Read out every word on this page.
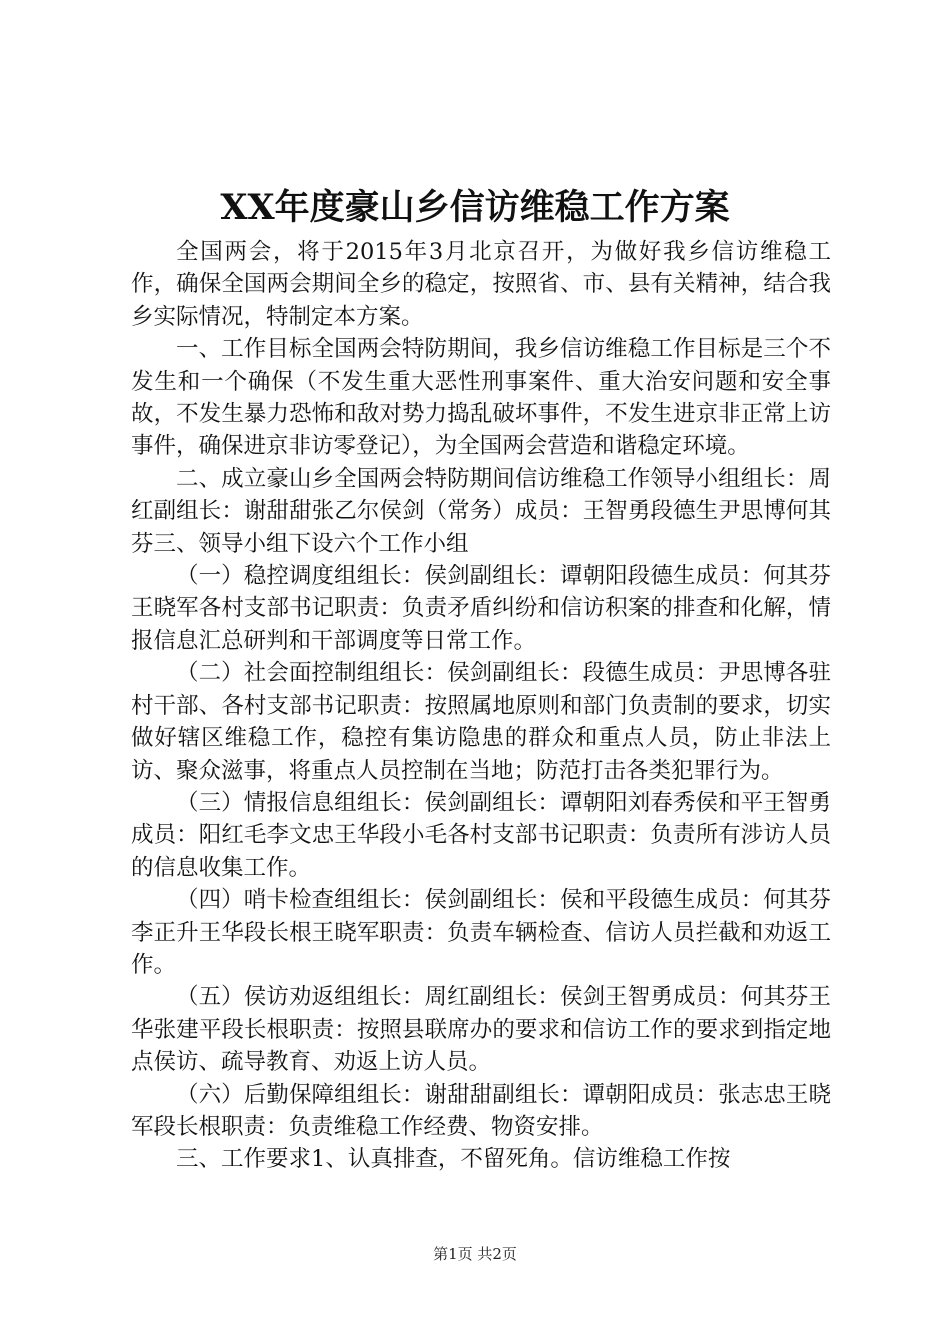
XX年度豪山乡信访维稳工作方案

全国两会，将于2015年3月北京召开，为做好我乡信访维稳工作，确保全国两会期间全乡的稳定，按照省、市、县有关精神，结合我乡实际情况，特制定本方案。

一、工作目标全国两会特防期间，我乡信访维稳工作目标是三个不发生和一个确保（不发生重大恶性刑事案件、重大治安问题和安全事故，不发生暴力恐怖和敌对势力捣乱破坏事件，不发生进京非正常上访事件，确保进京非访零登记），为全国两会营造和谐稳定环境。

二、成立豪山乡全国两会特防期间信访维稳工作领导小组组长：周红副组长：谢甜甜张乙尔侯剑（常务）成员：王智勇段德生尹思博何其芬三、领导小组下设六个工作小组

（一）稳控调度组组长：侯剑副组长：谭朝阳段德生成员：何其芬王晓军各村支部书记职责：负责矛盾纠纷和信访积案的排查和化解，情报信息汇总研判和干部调度等日常工作。

（二）社会面控制组组长：侯剑副组长：段德生成员：尹思博各驻村干部、各村支部书记职责：按照属地原则和部门负责制的要求，切实做好辖区维稳工作，稳控有集访隐患的群众和重点人员，防止非法上访、聚众滋事，将重点人员控制在当地；防范打击各类犯罪行为。

（三）情报信息组组长：侯剑副组长：谭朝阳刘春秀侯和平王智勇成员：阳红毛李文忠王华段小毛各村支部书记职责：负责所有涉访人员的信息收集工作。

（四）哨卡检查组组长：侯剑副组长：侯和平段德生成员：何其芬李正升王华段长根王晓军职责：负责车辆检查、信访人员拦截和劝返工作。

（五）侯访劝返组组长：周红副组长：侯剑王智勇成员：何其芬王华张建平段长根职责：按照县联席办的要求和信访工作的要求到指定地点侯访、疏导教育、劝返上访人员。

（六）后勤保障组组长：谢甜甜副组长：谭朝阳成员：张志忠王晓军段长根职责：负责维稳工作经费、物资安排。

三、工作要求1、认真排查，不留死角。信访维稳工作按

第1页 共2页
